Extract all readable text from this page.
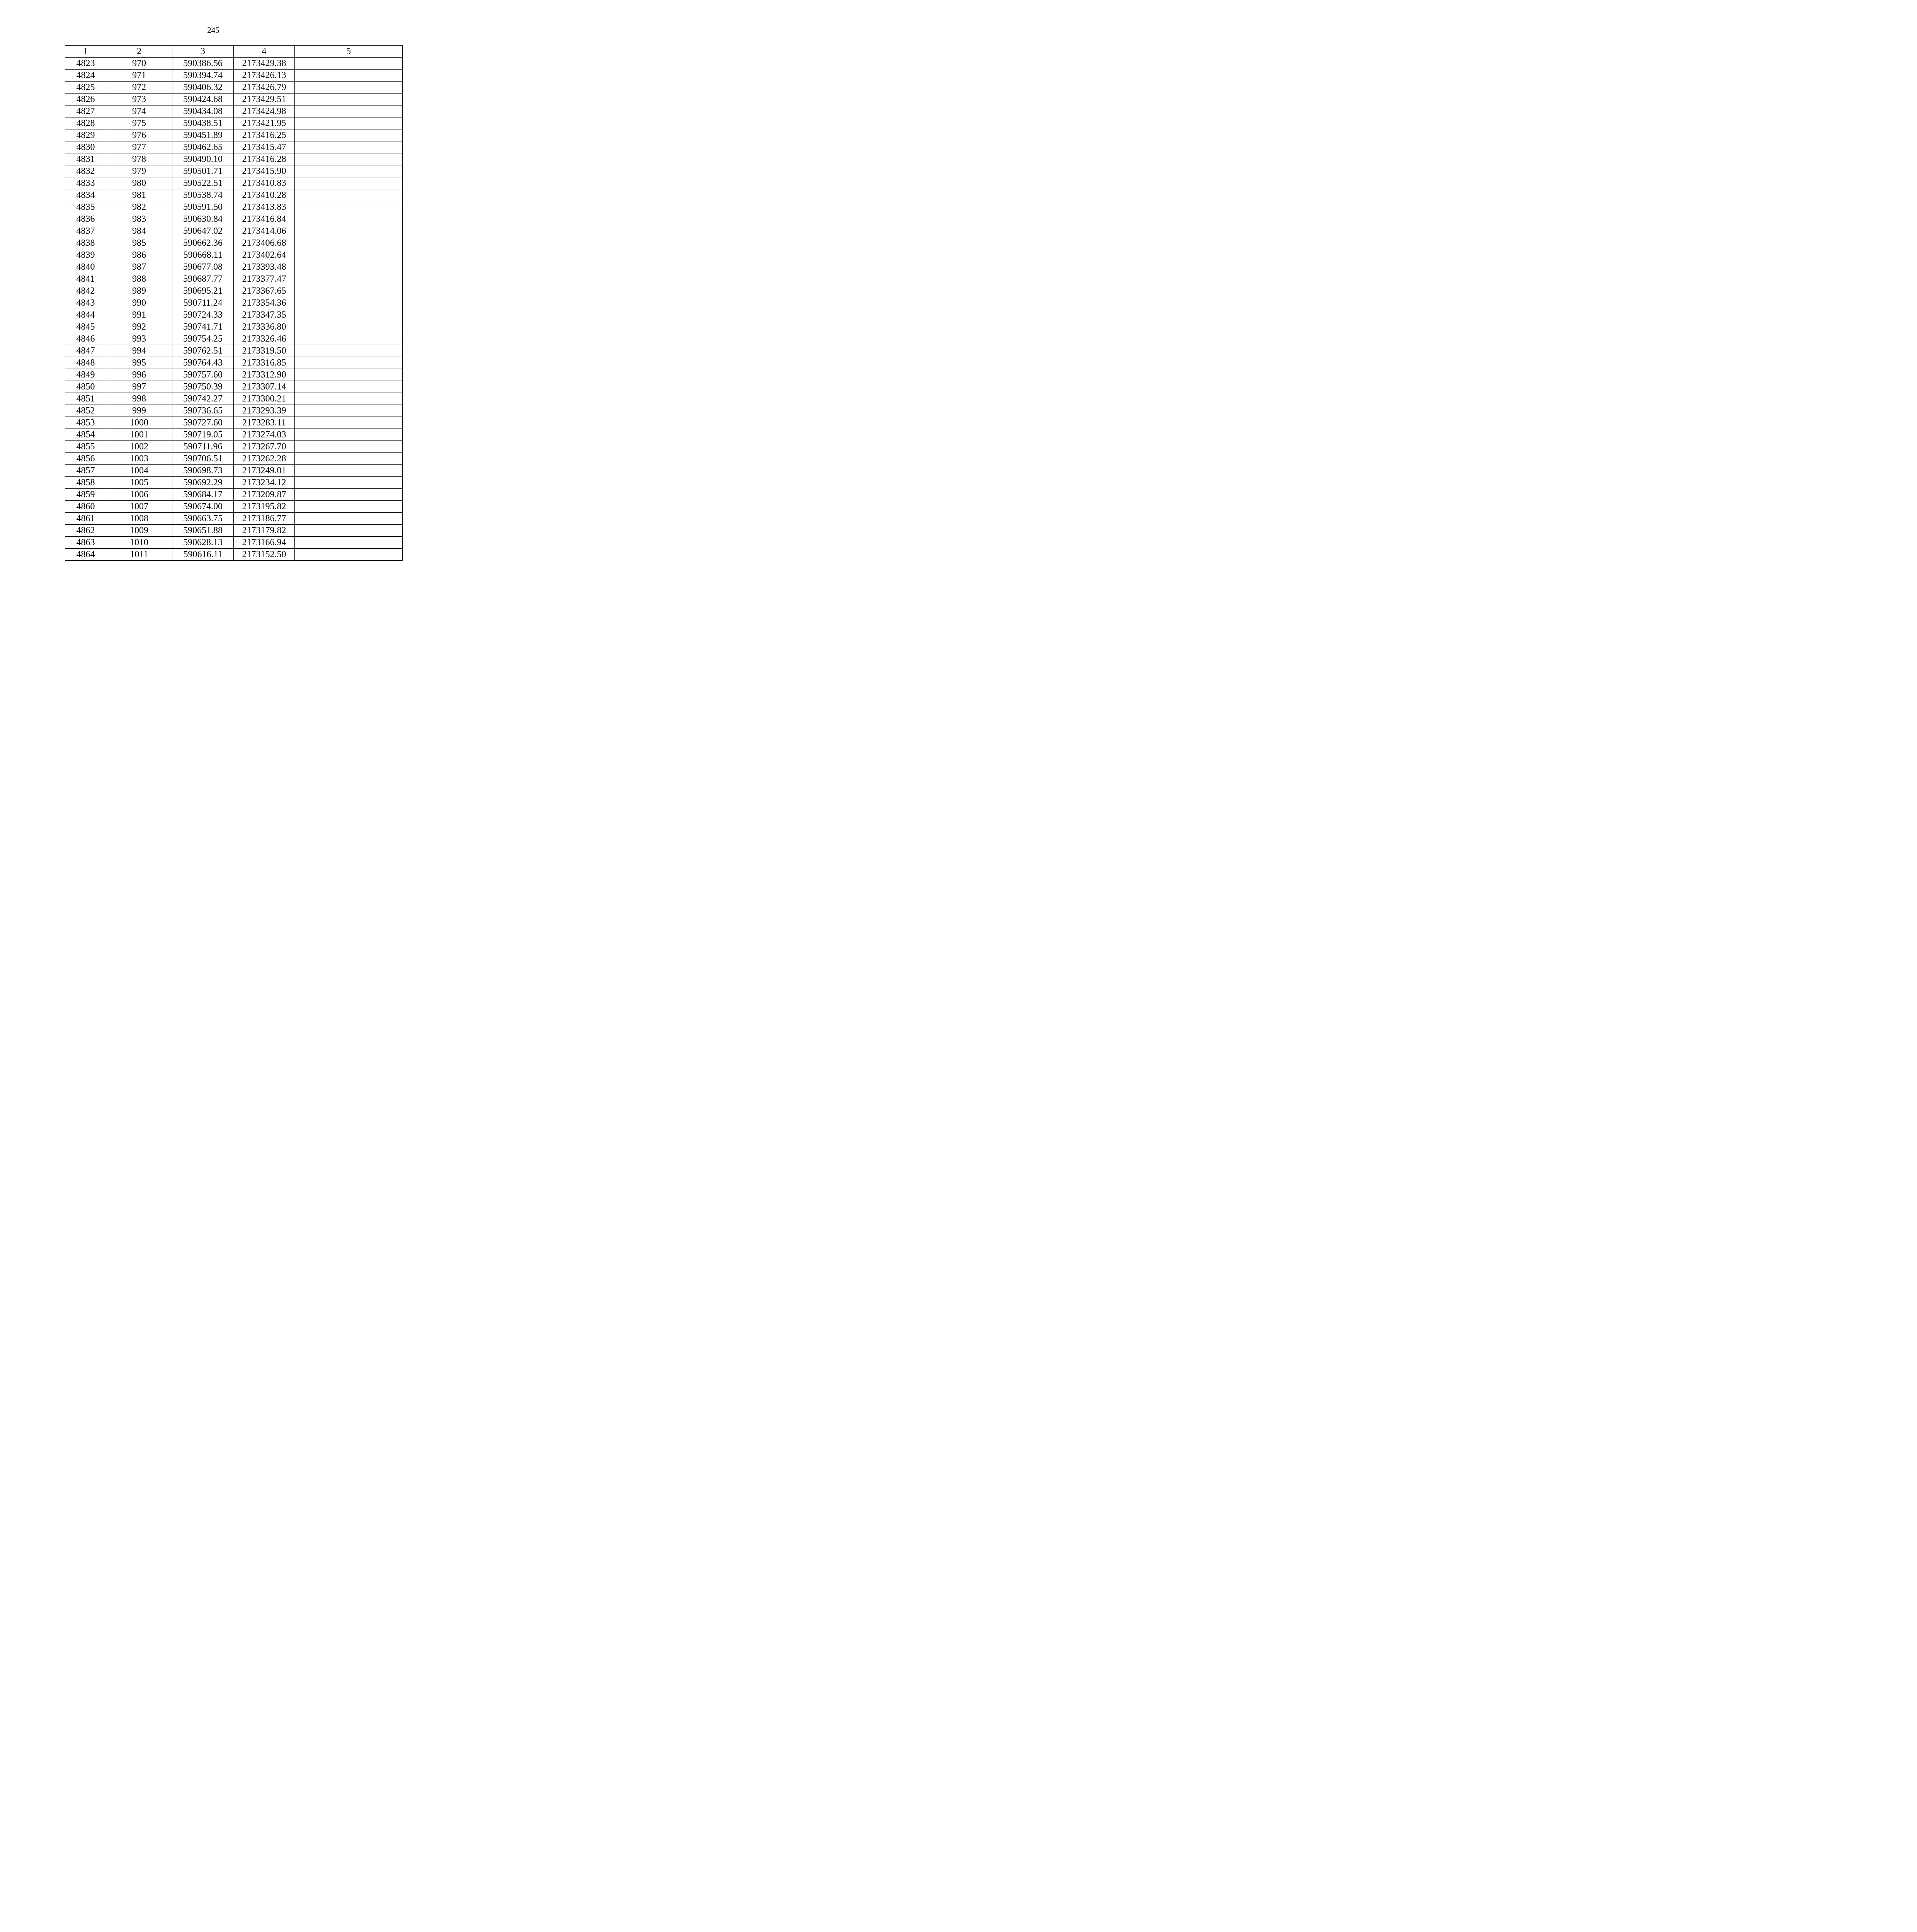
245
1	2	3	4	5
4823	970	590386.56	2173429.38	
4824	971	590394.74	2173426.13	
4825	972	590406.32	2173426.79	
4826	973	590424.68	2173429.51	
4827	974	590434.08	2173424.98	
4828	975	590438.51	2173421.95	
4829	976	590451.89	2173416.25	
4830	977	590462.65	2173415.47	
4831	978	590490.10	2173416.28	
4832	979	590501.71	2173415.90	
4833	980	590522.51	2173410.83	
4834	981	590538.74	2173410.28	
4835	982	590591.50	2173413.83	
4836	983	590630.84	2173416.84	
4837	984	590647.02	2173414.06	
4838	985	590662.36	2173406.68	
4839	986	590668.11	2173402.64	
4840	987	590677.08	2173393.48	
4841	988	590687.77	2173377.47	
4842	989	590695.21	2173367.65	
4843	990	590711.24	2173354.36	
4844	991	590724.33	2173347.35	
4845	992	590741.71	2173336.80	
4846	993	590754.25	2173326.46	
4847	994	590762.51	2173319.50	
4848	995	590764.43	2173316.85	
4849	996	590757.60	2173312.90	
4850	997	590750.39	2173307.14	
4851	998	590742.27	2173300.21	
4852	999	590736.65	2173293.39	
4853	1000	590727.60	2173283.11	
4854	1001	590719.05	2173274.03	
4855	1002	590711.96	2173267.70	
4856	1003	590706.51	2173262.28	
4857	1004	590698.73	2173249.01	
4858	1005	590692.29	2173234.12	
4859	1006	590684.17	2173209.87	
4860	1007	590674.00	2173195.82	
4861	1008	590663.75	2173186.77	
4862	1009	590651.88	2173179.82	
4863	1010	590628.13	2173166.94	
4864	1011	590616.11	2173152.50	
